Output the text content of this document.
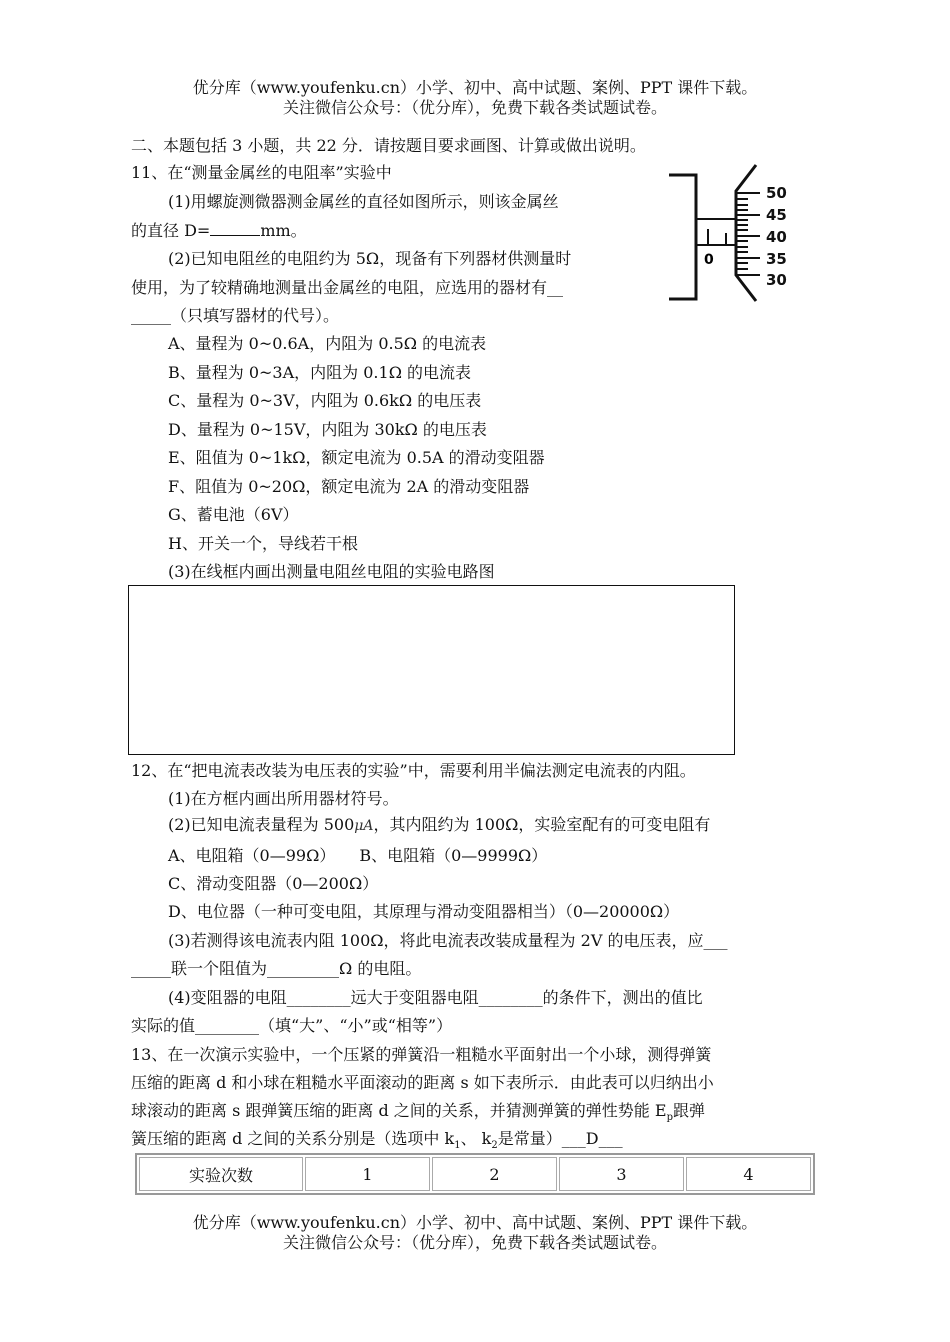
优分库（www.youfenku.cn）小学、初中、高中试题、案例、PPT 课件下载。
关注微信公众号：（优分库），免费下载各类试题试卷。
二、本题包括 3 小题，共 22 分．请按题目要求画图、计算或做出说明。
11、在“测量金属丝的电阻率”实验中
(1)用螺旋测微器测金属丝的直径如图所示，则该金属丝
的直径 D=	mm。
(2)已知电阻丝的电阻约为 5Ω，现备有下列器材供测量时
使用，为了较精确地测量出金属丝的电阻，应选用的器材有__
_____（只填写器材的代号）。
A、量程为 0~0.6A，内阻为 0.5Ω 的电流表
B、量程为 0~3A，内阻为 0.1Ω 的电流表
C、量程为 0~3V，内阻为 0.6kΩ 的电压表
D、量程为 0~15V，内阻为 30kΩ 的电压表
E、阻值为 0~1kΩ，额定电流为 0.5A 的滑动变阻器
F、阻值为 0~20Ω，额定电流为 2A 的滑动变阻器
G、蓄电池（6V）
H、开关一个，导线若干根
(3)在线框内画出测量电阻丝电阻的实验电路图
0
50
45
40
35
30
12、在“把电流表改装为电压表的实验”中，需要利用半偏法测定电流表的内阻。
(1)在方框内画出所用器材符号。
(2)已知电流表量程为 500μA，其内阻约为 100Ω，实验室配有的可变电阻有
A、电阻箱（0—99Ω）　　B、电阻箱（0—9999Ω）
C、滑动变阻器（0—200Ω）
D、电位器（一种可变电阻，其原理与滑动变阻器相当）（0—20000Ω）
(3)若测得该电流表内阻 100Ω，将此电流表改装成量程为 2V 的电压表，应___
_____联一个阻值为_________Ω 的电阻。
(4)变阻器的电阻________远大于变阻器电阻________的条件下，测出的值比
实际的值________（填“大”、“小”或“相等”）
13、在一次演示实验中，一个压紧的弹簧沿一粗糙水平面射出一个小球，测得弹簧
压缩的距离 d 和小球在粗糙水平面滚动的距离 s 如下表所示．由此表可以归纳出小
球滚动的距离 s 跟弹簧压缩的距离 d 之间的关系，并猜测弹簧的弹性势能 $E_p$跟弹
簧压缩的距离 d 之间的关系分别是（选项中 $k_1$、 $k_2$是常量）___D___
实验次数	1	2	3	4
优分库（www.youfenku.cn）小学、初中、高中试题、案例、PPT 课件下载。
关注微信公众号：（优分库），免费下载各类试题试卷。
